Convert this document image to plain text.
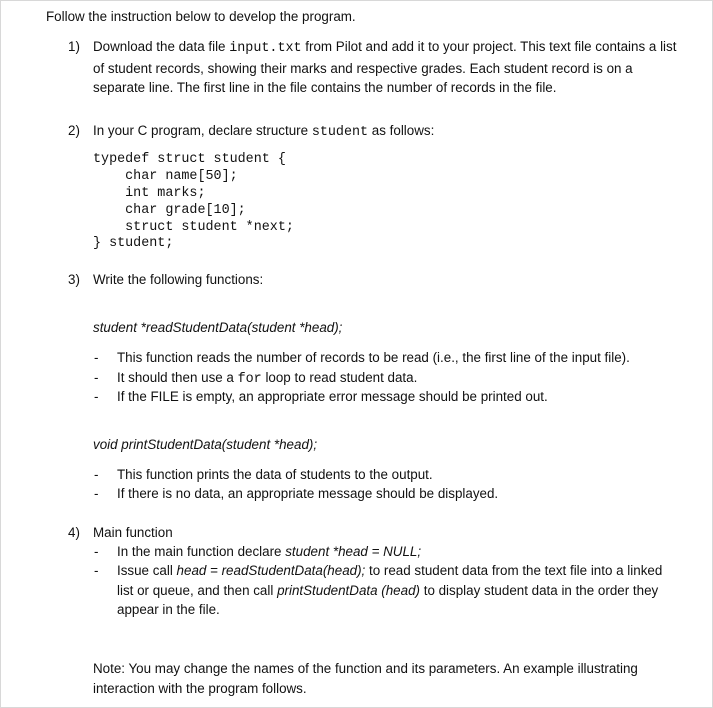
Follow the instruction below to develop the program.
1) Download the data file input.txt from Pilot and add it to your project. This text file contains a list of student records, showing their marks and respective grades. Each student record is on a separate line. The first line in the file contains the number of records in the file.
2) In your C program, declare structure student as follows:
typedef struct student {
char name[50];
int marks;
char grade[10];
struct student *next;
} student;
3) Write the following functions:
student *readStudentData(student *head);
- This function reads the number of records to be read (i.e., the first line of the input file).
- It should then use a for loop to read student data.
- If the FILE is empty, an appropriate error message should be printed out.
void printStudentData(student *head);
- This function prints the data of students to the output.
- If there is no data, an appropriate message should be displayed.
4) Main function
- In the main function declare student *head = NULL;
- Issue call head = readStudentData(head); to read student data from the text file into a linked list or queue, and then call printStudentData (head) to display student data in the order they appear in the file.
Note: You may change the names of the function and its parameters. An example illustrating interaction with the program follows.
